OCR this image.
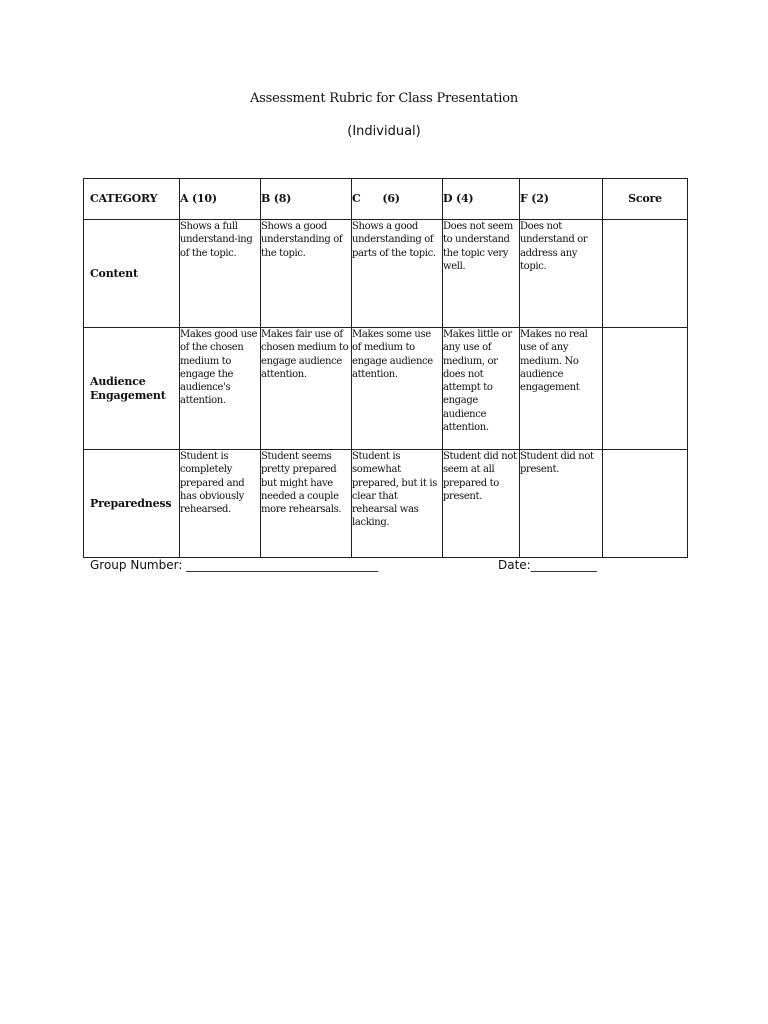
Assessment Rubric for Class Presentation
(Individual)
CATEGORY	A (10)	B (8)	C      (6)	D (4)	F (2)	Score
Content	Shows a full understand-ing of the topic.	Shows a good understanding of the topic.	Shows a good understanding of parts of the topic.	Does not seem to understand the topic very well.	Does not understand or address any topic.	
Audience Engagement	Makes good use of the chosen medium to engage the audience's attention.	Makes fair use of chosen medium to engage audience attention.	Makes some use of medium to engage audience attention.	Makes little or any use of medium, or does not attempt to engage audience attention.	Makes no real use of any medium. No audience engagement	
Preparedness	Student is completely prepared and has obviously rehearsed.	Student seems pretty prepared but might have needed a couple more rehearsals.	Student is somewhat prepared, but it is clear that rehearsal was lacking.	Student did not seem at all prepared to present.	Student did not present.	
Group Number: ________________________________	Date:___________
